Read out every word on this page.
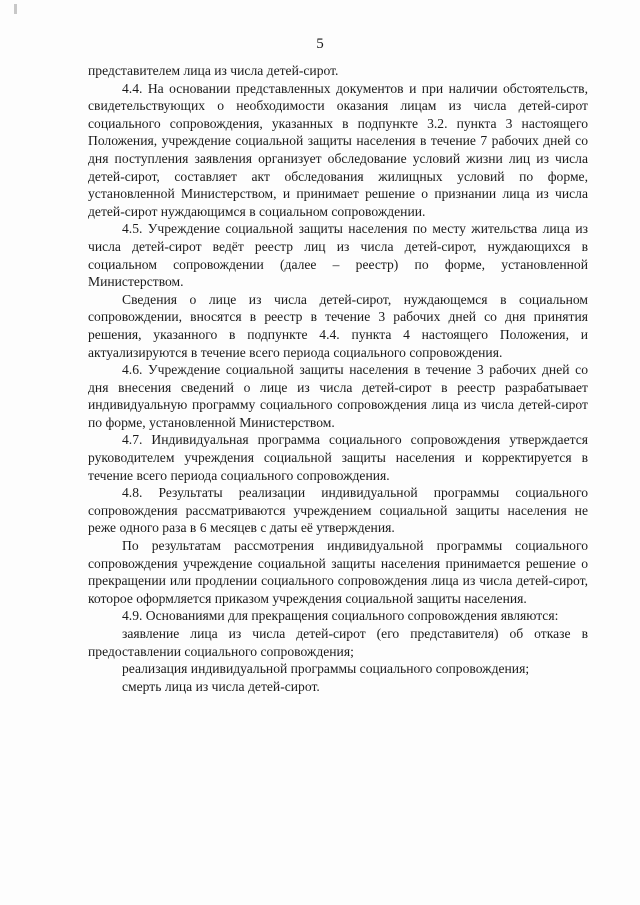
5

представителем лица из числа детей-сирот.

4.4. На основании представленных документов и при наличии обстоятельств, свидетельствующих о необходимости оказания лицам из числа детей-сирот социального сопровождения, указанных в подпункте 3.2. пункта 3 настоящего Положения, учреждение социальной защиты населения в течение 7 рабочих дней со дня поступления заявления организует обследование условий жизни лиц из числа детей-сирот, составляет акт обследования жилищных условий по форме, установленной Министерством, и принимает решение о признании лица из числа детей-сирот нуждающимся в социальном сопровождении.

4.5. Учреждение социальной защиты населения по месту жительства лица из числа детей-сирот ведёт реестр лиц из числа детей-сирот, нуждающихся в социальном сопровождении (далее – реестр) по форме, установленной Министерством.

Сведения о лице из числа детей-сирот, нуждающемся в социальном сопровождении, вносятся в реестр в течение 3 рабочих дней со дня принятия решения, указанного в подпункте 4.4. пункта 4 настоящего Положения, и актуализируются в течение всего периода социального сопровождения.

4.6. Учреждение социальной защиты населения в течение 3 рабочих дней со дня внесения сведений о лице из числа детей-сирот в реестр разрабатывает индивидуальную программу социального сопровождения лица из числа детей-сирот по форме, установленной Министерством.

4.7. Индивидуальная программа социального сопровождения утверждается руководителем учреждения социальной защиты населения и корректируется в течение всего периода социального сопровождения.

4.8. Результаты реализации индивидуальной программы социального сопровождения рассматриваются учреждением социальной защиты населения не реже одного раза в 6 месяцев с даты её утверждения.

По результатам рассмотрения индивидуальной программы социального сопровождения учреждение социальной защиты населения принимается решение о прекращении или продлении социального сопровождения лица из числа детей-сирот, которое оформляется приказом учреждения социальной защиты населения.

4.9. Основаниями для прекращения социального сопровождения являются:

заявление лица из числа детей-сирот (его представителя) об отказе в предоставлении социального сопровождения;

реализация индивидуальной программы социального сопровождения;

смерть лица из числа детей-сирот.
